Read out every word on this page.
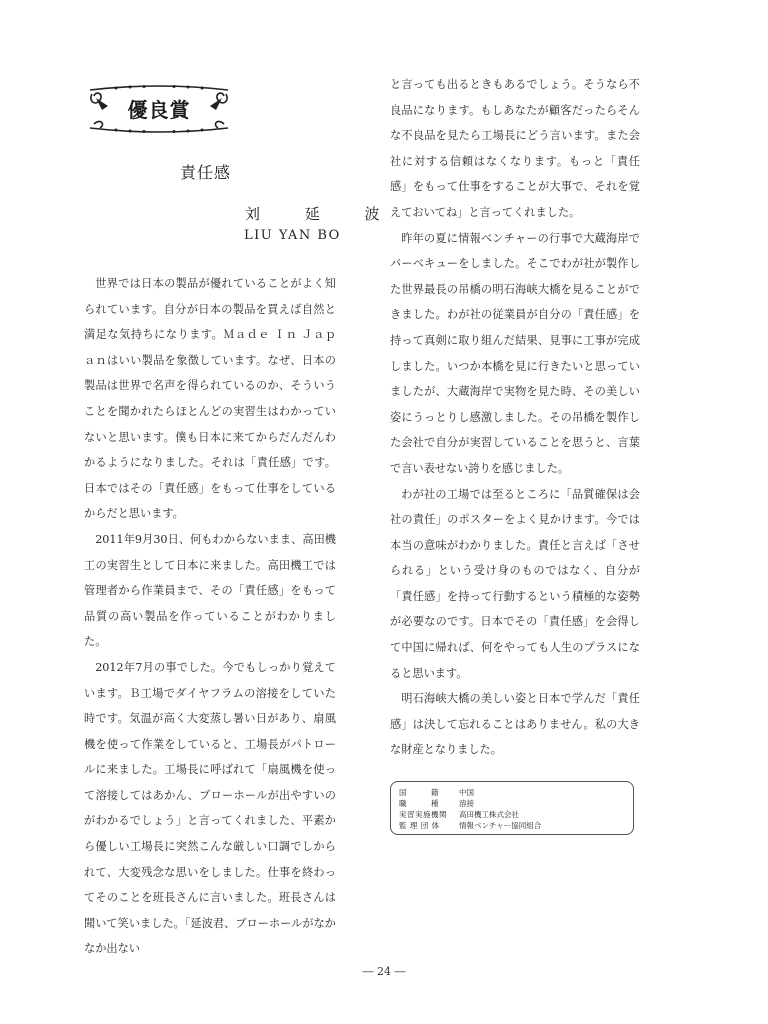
優良賞
責任感
刘 延 波
LIU YAN BO

世界では日本の製品が優れていることがよく知られています。自分が日本の製品を買えば自然と満足な気持ちになります。Ｍａｄｅ Ｉｎ Ｊａｐａｎはいい製品を象徴しています。なぜ、日本の製品は世界で名声を得られているのか、そういうことを聞かれたらほとんどの実習生はわかっていないと思います。僕も日本に来てからだんだんわかるようになりました。それは「責任感」です。日本ではその「責任感」をもって仕事をしているからだと思います。

2011年9月30日、何もわからないまま、高田機工の実習生として日本に来ました。高田機工では管理者から作業員まで、その「責任感」をもって品質の高い製品を作っていることがわかりました。

2012年7月の事でした。今でもしっかり覚えています。Ｂ工場でダイヤフラムの溶接をしていた時です。気温が高く大変蒸し暑い日があり、扇風機を使って作業をしていると、工場長がパトロールに来ました。工場長に呼ばれて「扇風機を使って溶接してはあかん、ブローホールが出やすいのがわかるでしょう」と言ってくれました、平素から優しい工場長に突然こんな厳しい口調でしかられて、大変残念な思いをしました。仕事を終わってそのことを班長さんに言いました。班長さんは聞いて笑いました。「延波君、ブローホールがなかなか出ない

と言っても出るときもあるでしょう。そうなら不良品になります。もしあなたが顧客だったらそんな不良品を見たら工場長にどう言います。また会社に対する信頼はなくなります。もっと「責任感」をもって仕事をすることが大事で、それを覚えておいてね」と言ってくれました。

昨年の夏に情報ベンチャーの行事で大蔵海岸でバーベキューをしました。そこでわが社が製作した世界最長の吊橋の明石海峡大橋を見ることができました。わが社の従業員が自分の「責任感」を持って真剣に取り組んだ結果、見事に工事が完成しました。いつか本橋を見に行きたいと思っていましたが、大蔵海岸で実物を見た時、その美しい姿にうっとりし感激しました。その吊橋を製作した会社で自分が実習していることを思うと、言葉で言い表せない誇りを感じました。

わが社の工場では至るところに「品質確保は会社の責任」のポスターをよく見かけます。今では本当の意味がわかりました。責任と言えば「させられる」という受け身のものではなく、自分が「責任感」を持って行動するという積極的な姿勢が必要なのです。日本でその「責任感」を会得して中国に帰れば、何をやっても人生のプラスになると思います。

明石海峡大橋の美しい姿と日本で学んだ「責任感」は決して忘れることはありません。私の大きな財産となりました。

国　　　籍	中国
職　　　種	溶接
実習実施機関	高田機工株式会社
監 理 団 体	情報ベンチャー協同組合
― 24 ―
